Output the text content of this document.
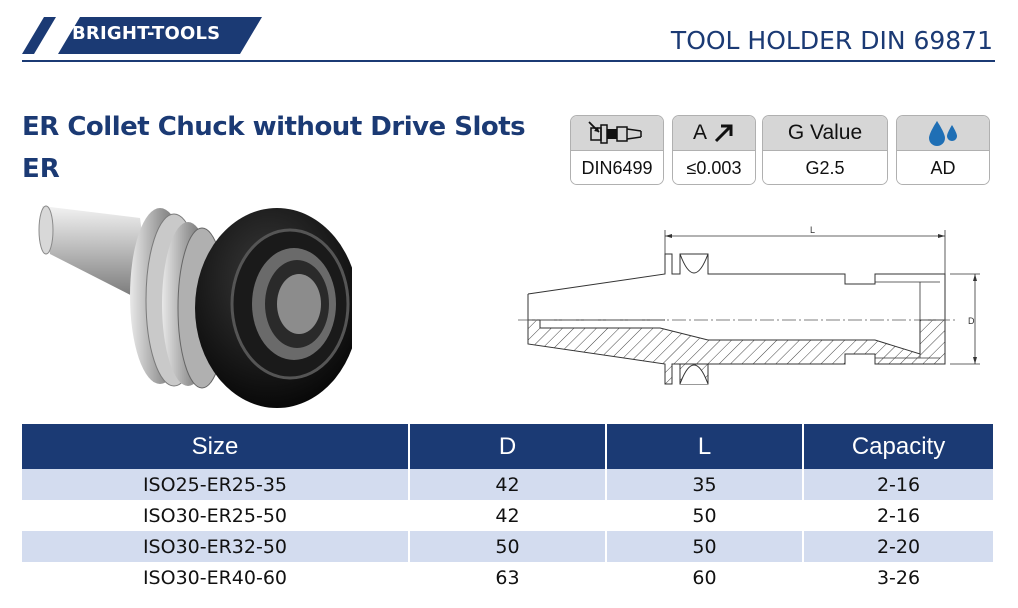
BRIGHT-TOOLS	TOOL HOLDER DIN 69871
ER Collet Chuck without Drive Slots
ER	DIN6499
A
≤0.003
G Value
G2.5	AD
L
D
Size	D	L	Capacity
ISO25-ER25-35	42	35	2-16
ISO30-ER25-50	42	50	2-16
ISO30-ER32-50	50	50	2-20
ISO30-ER40-60	63	60	3-26
